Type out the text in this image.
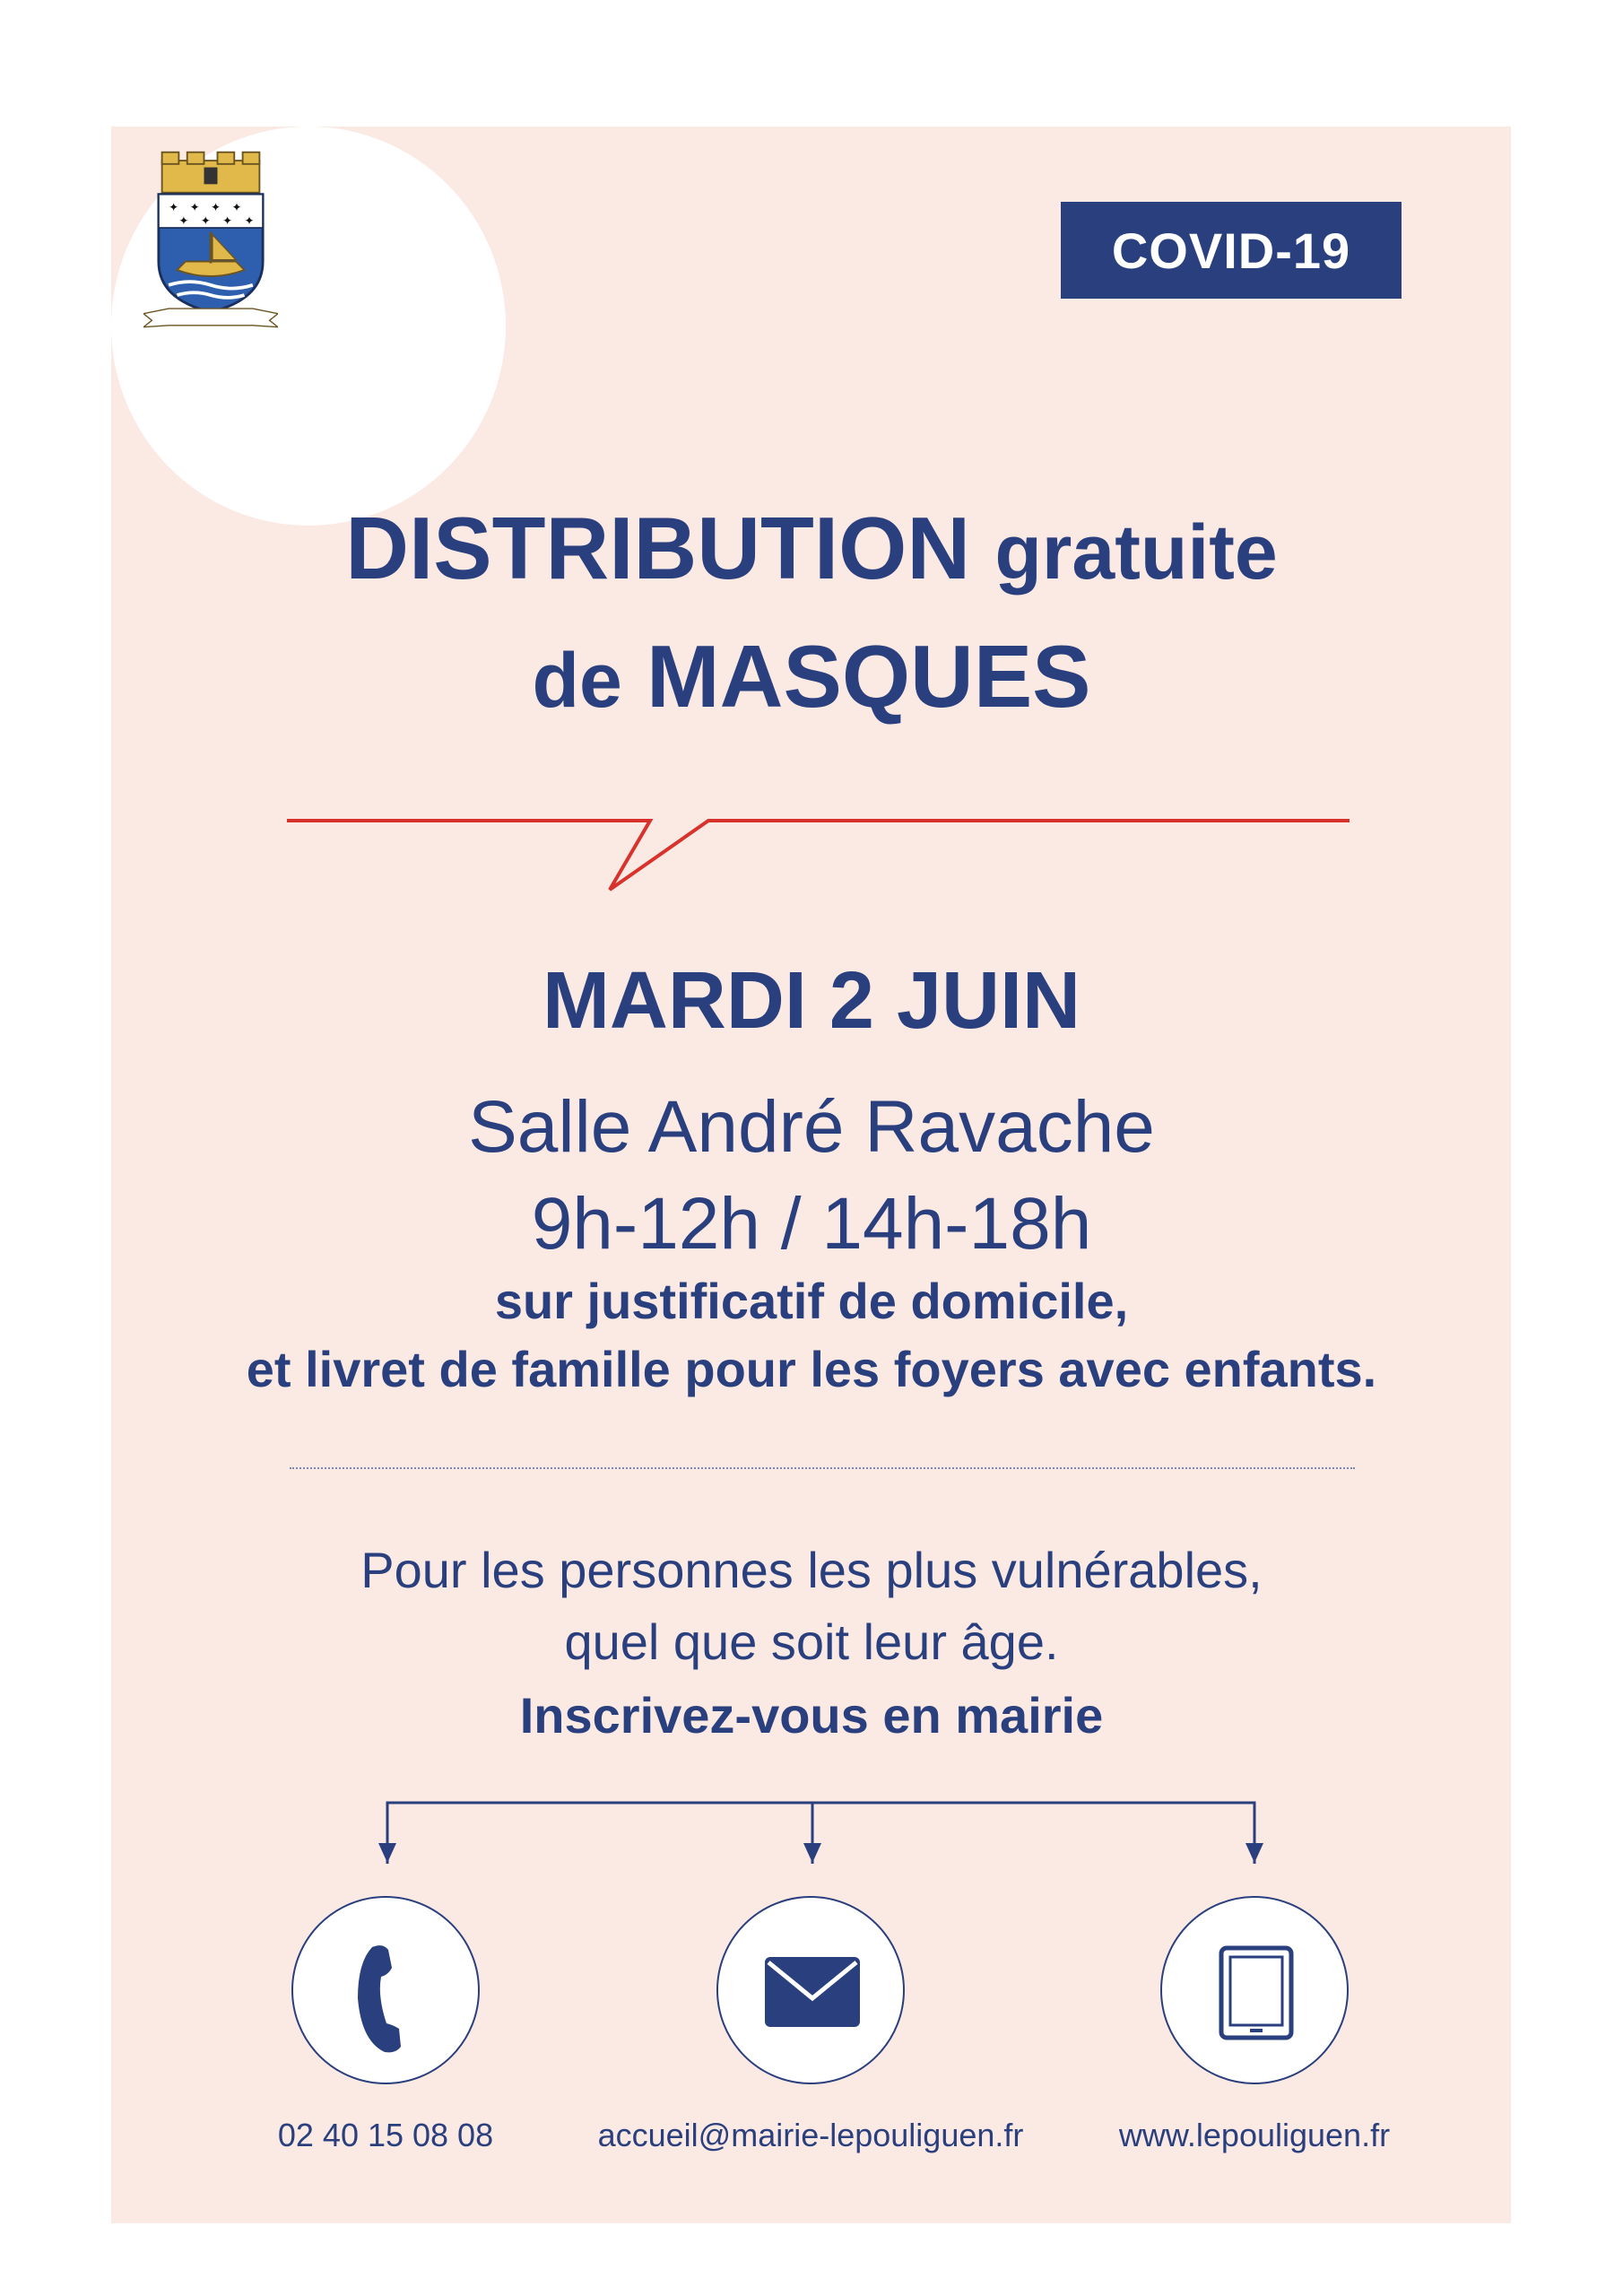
✦ ✦ ✦ ✦
✦ ✦ ✦ ✦
COVID-19
DISTRIBUTION gratuite
de MASQUES
MARDI 2 JUIN
Salle André Ravache
9h-12h / 14h-18h
sur justificatif de domicile,
et livret de famille pour les foyers avec enfants.
Pour les personnes les plus vulnérables,
quel que soit leur âge.
Inscrivez-vous en mairie
02 40 15 08 08	accueil@mairie-lepouliguen.fr	www.lepouliguen.fr
